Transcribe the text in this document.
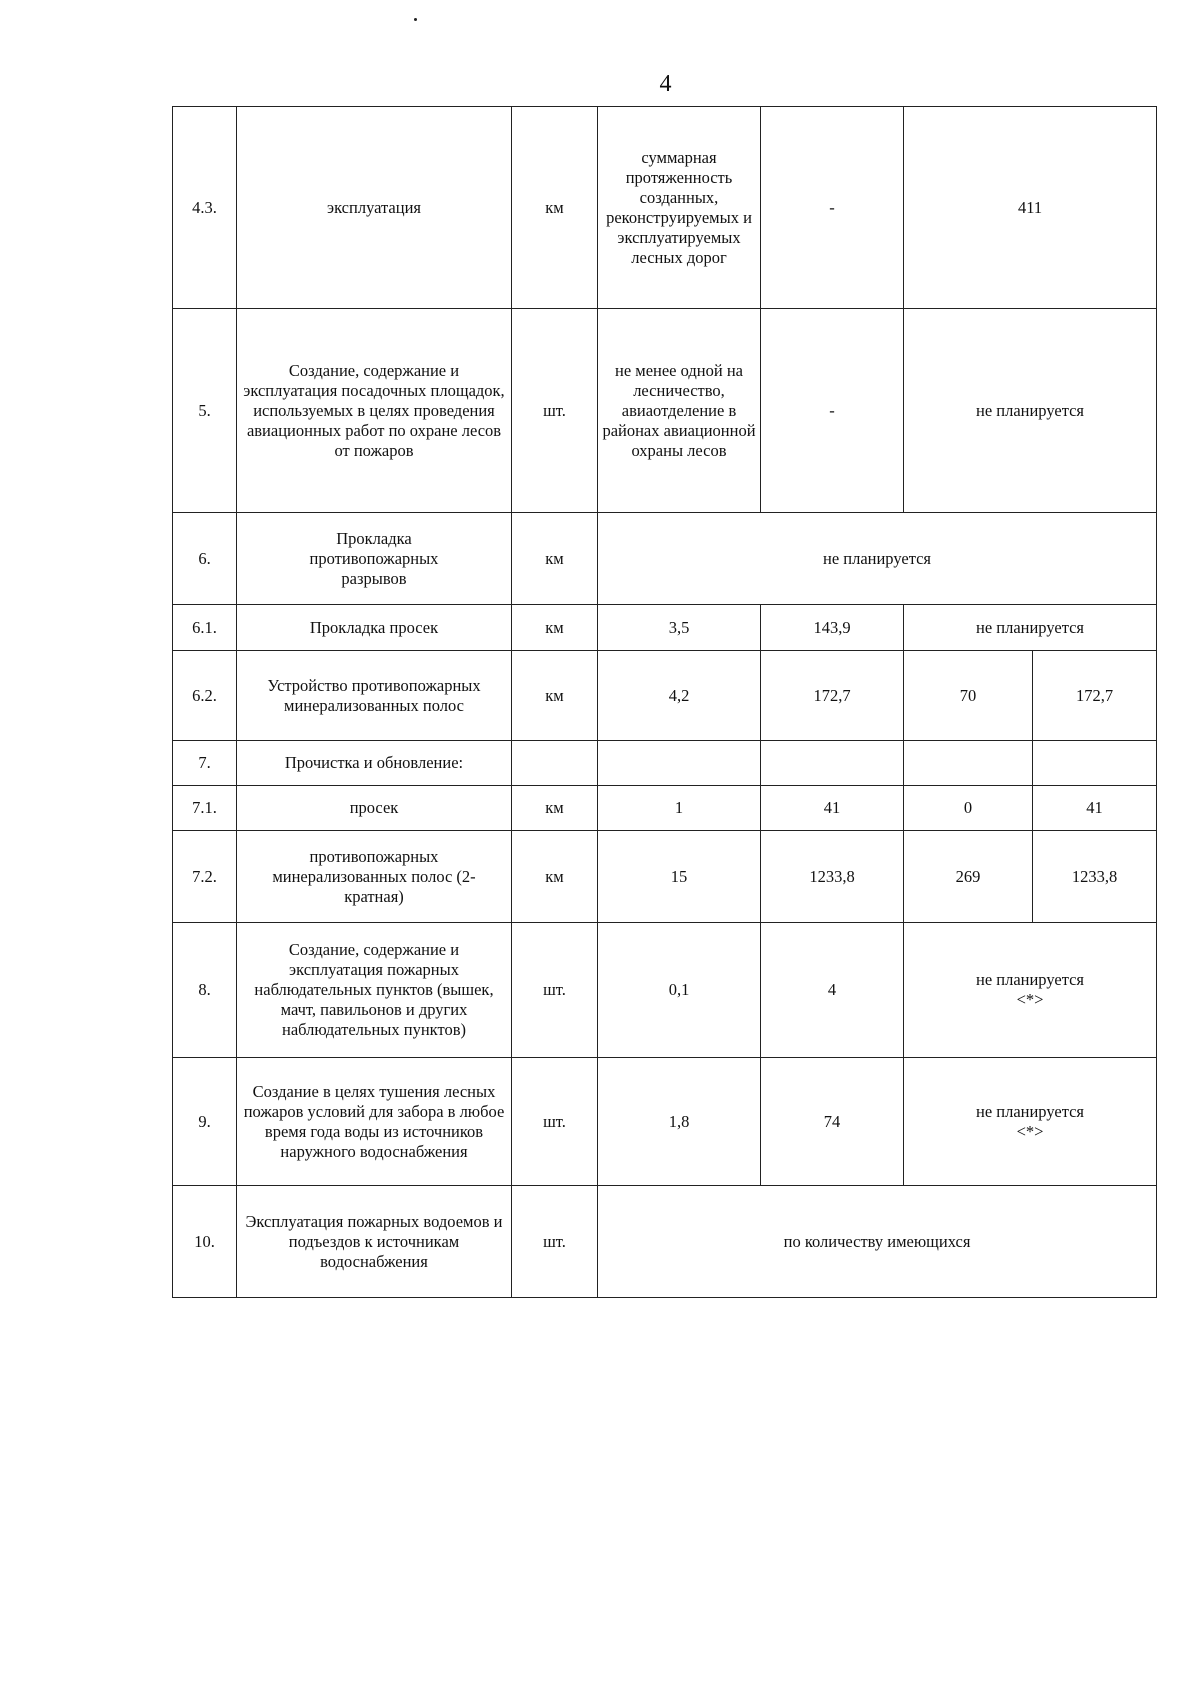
4
4.3.	эксплуатация	км	суммарная протяженность созданных, реконструируемых и эксплуатируемых лесных дорог	-	411	
5.	Создание, содержание и эксплуатация посадочных площадок, используемых в целях проведения авиационных работ по охране лесов от пожаров	шт.	не менее одной на лесничество, авиаотделение в районах авиационной охраны лесов	-	не планируется	
6.	Прокладка противопожарных разрывов	км	не планируется			
6.1.	Прокладка просек	км	3,5	143,9	не планируется	
6.2.	Устройство противопожарных минерализованных полос	км	4,2	172,7	70	172,7
7.	Прочистка и обновление:					
7.1.	просек	км	1	41	0	41
7.2.	противопожарных минерализованных полос (2-кратная)	км	15	1233,8	269	1233,8
8.	Создание, содержание и эксплуатация пожарных наблюдательных пунктов (вышек, мачт, павильонов и других наблюдательных пунктов)	шт.	0,1	4	не планируется
<*>	

9.	Создание в целях тушения лесных пожаров условий для забора в любое время года воды из источников наружного водоснабжения	шт.	1,8	74	не планируется
<*>	

10.	Эксплуатация пожарных водоемов и подъездов к источникам водоснабжения	шт.	по количеству имеющихся			
